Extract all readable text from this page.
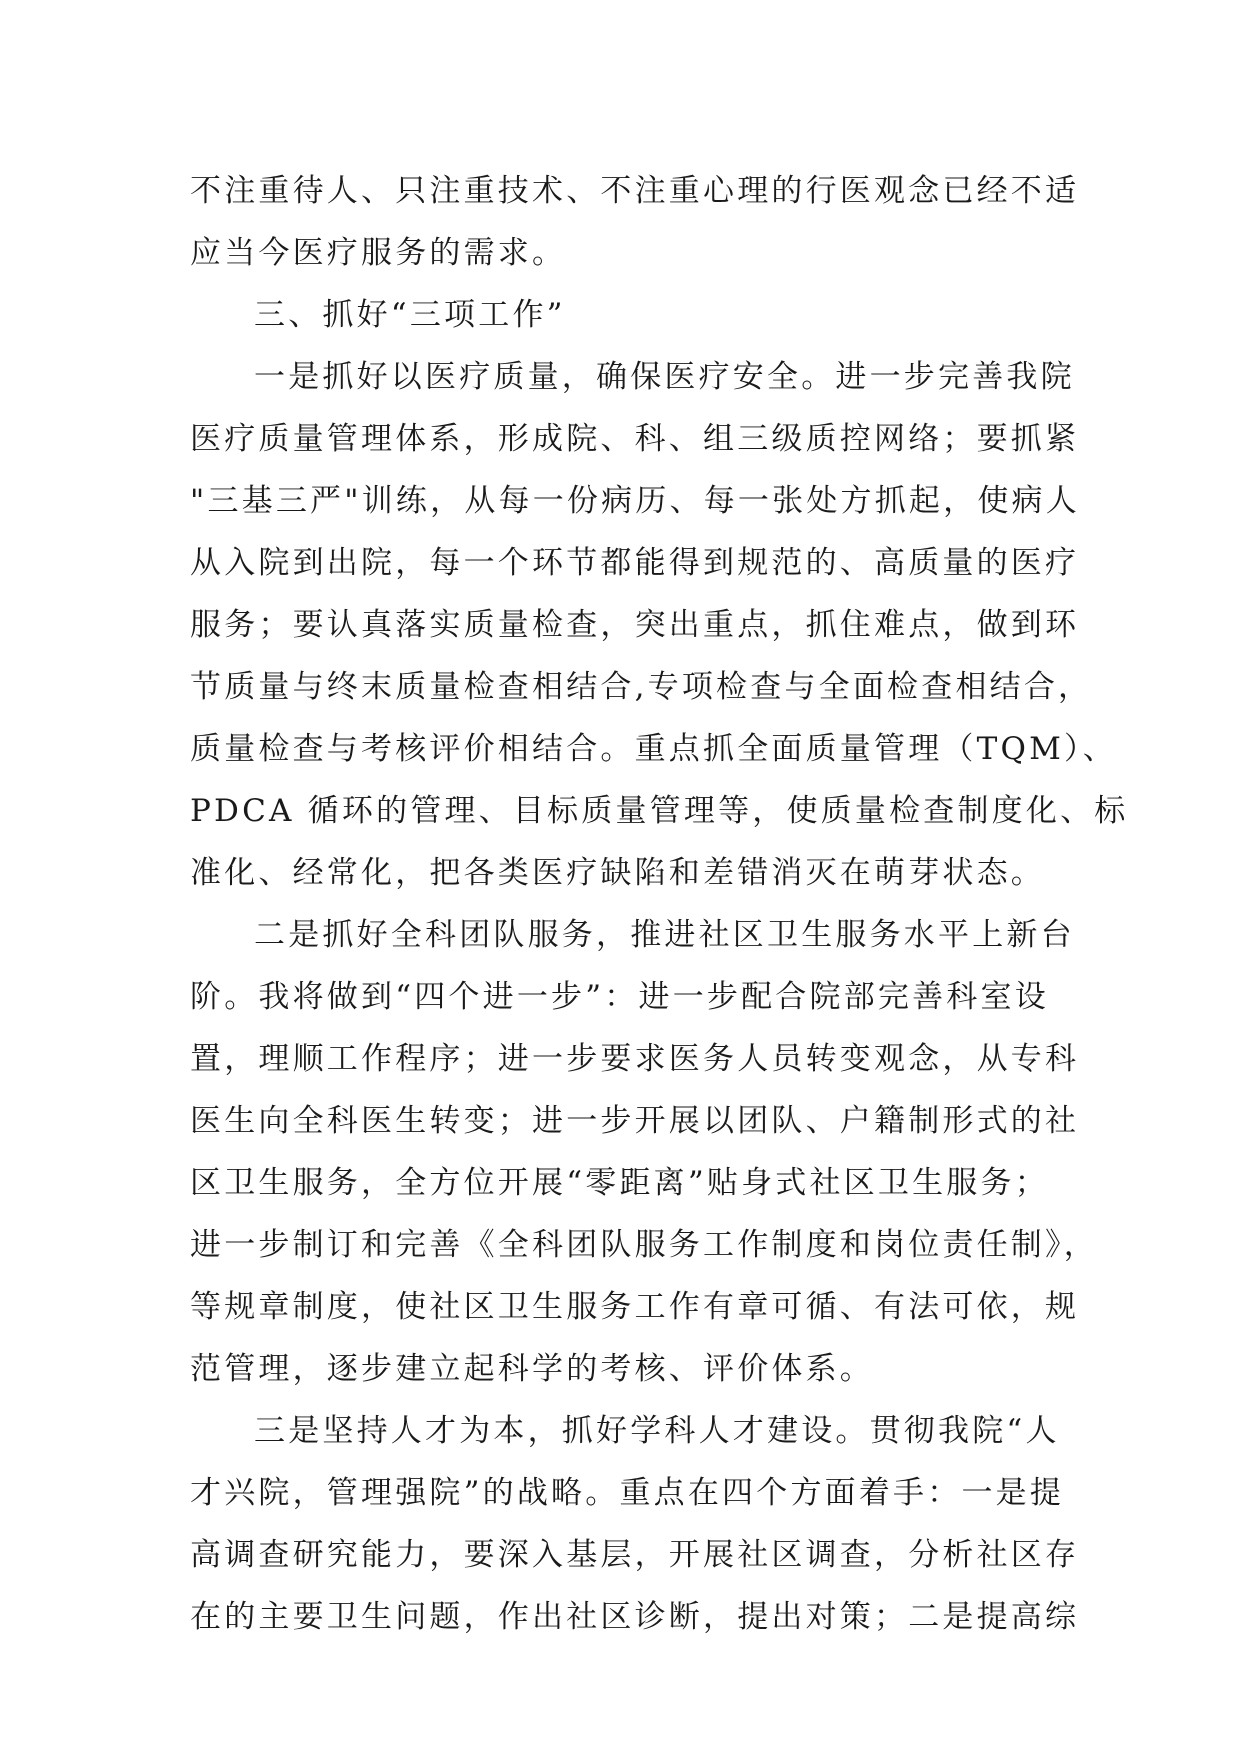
不注重待人、只注重技术、不注重心理的行医观念已经不适
应当今医疗服务的需求。
三、抓好“三项工作”
一是抓好以医疗质量，确保医疗安全。进一步完善我院
医疗质量管理体系，形成院、科、组三级质控网络；要抓紧
"三基三严"训练，从每一份病历、每一张处方抓起，使病人
从入院到出院，每一个环节都能得到规范的、高质量的医疗
服务；要认真落实质量检查，突出重点，抓住难点，做到环
节质量与终末质量检查相结合,专项检查与全面检查相结合，
质量检查与考核评价相结合。重点抓全面质量管理（TQM）、
PDCA 循环的管理、目标质量管理等，使质量检查制度化、标
准化、经常化，把各类医疗缺陷和差错消灭在萌芽状态。
二是抓好全科团队服务，推进社区卫生服务水平上新台
阶。我将做到“四个进一步”：进一步配合院部完善科室设
置，理顺工作程序；进一步要求医务人员转变观念，从专科
医生向全科医生转变；进一步开展以团队、户籍制形式的社
区卫生服务，全方位开展“零距离”贴身式社区卫生服务；
进一步制订和完善《全科团队服务工作制度和岗位责任制》，
等规章制度，使社区卫生服务工作有章可循、有法可依，规
范管理，逐步建立起科学的考核、评价体系。
三是坚持人才为本，抓好学科人才建设。贯彻我院“人
才兴院，管理强院”的战略。重点在四个方面着手：一是提
高调查研究能力，要深入基层，开展社区调查，分析社区存
在的主要卫生问题，作出社区诊断，提出对策；二是提高综
